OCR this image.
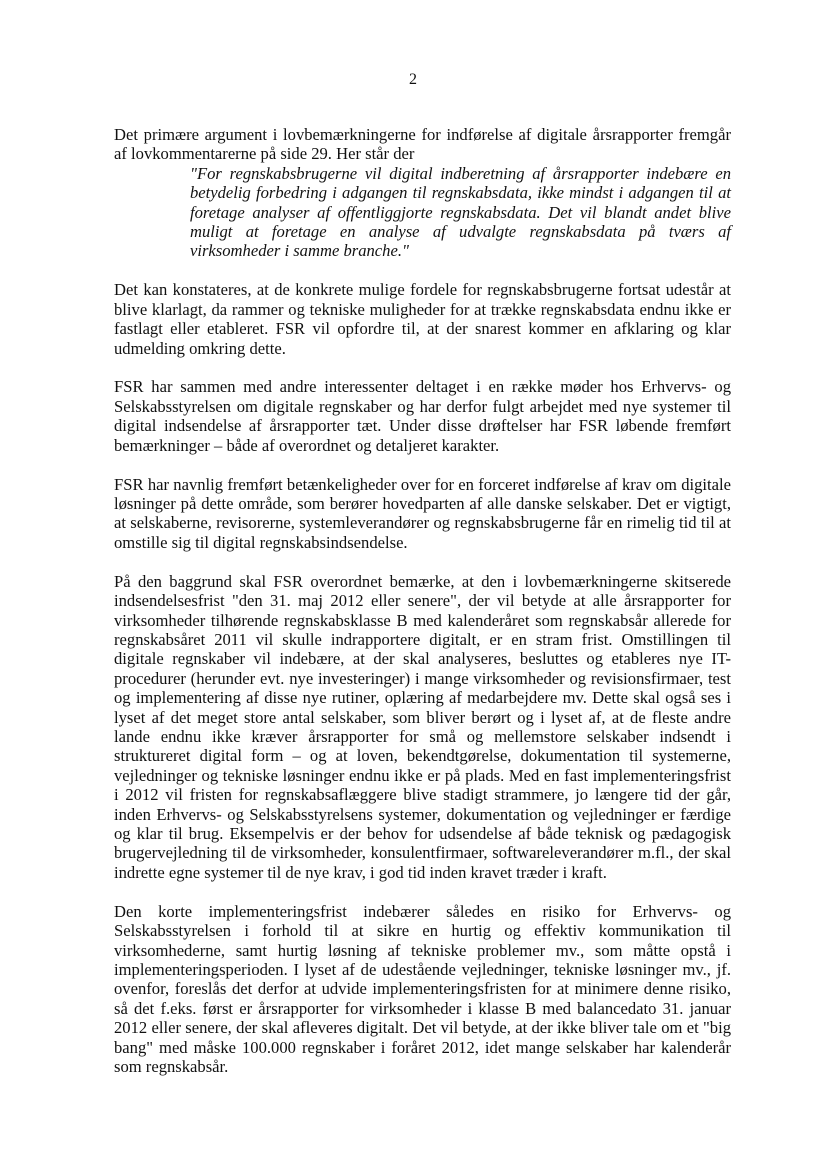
2

Det primære argument i lovbemærkningerne for indførelse af digitale årsrapporter fremgår af lovkommentarerne på side 29. Her står der

"For regnskabsbrugerne vil digital indberetning af årsrapporter indebære en betydelig forbedring i adgangen til regnskabsdata, ikke mindst i adgangen til at foretage analyser af offentliggjorte regnskabsdata. Det vil blandt andet blive muligt at foretage en analyse af udvalgte regnskabsdata på tværs af virksomheder i samme branche."

Det kan konstateres, at de konkrete mulige fordele for regnskabsbrugerne fortsat udestår at blive klarlagt, da rammer og tekniske muligheder for at trække regnskabsdata endnu ikke er fastlagt eller etableret. FSR vil opfordre til, at der snarest kommer en afklaring og klar udmelding omkring dette.

FSR har sammen med andre interessenter deltaget i en række møder hos Erhvervs- og Selskabsstyrelsen om digitale regnskaber og har derfor fulgt arbejdet med nye systemer til digital indsendelse af årsrapporter tæt. Under disse drøftelser har FSR løbende fremført bemærkninger – både af overordnet og detaljeret karakter.

FSR har navnlig fremført betænkeligheder over for en forceret indførelse af krav om digitale løsninger på dette område, som berører hovedparten af alle danske selskaber. Det er vigtigt, at selskaberne, revisorerne, systemleverandører og regnskabsbrugerne får en rimelig tid til at omstille sig til digital regnskabsindsendelse.

På den baggrund skal FSR overordnet bemærke, at den i lovbemærkningerne skitserede indsendelsesfrist "den 31. maj 2012 eller senere", der vil betyde at alle årsrapporter for virksomheder tilhørende regnskabsklasse B med kalenderåret som regnskabsår allerede for regnskabsåret 2011 vil skulle indrapportere digitalt, er en stram frist. Omstillingen til digitale regnskaber vil indebære, at der skal analyseres, besluttes og etableres nye IT-procedurer (herunder evt. nye investeringer) i mange virksomheder og revisionsfirmaer, test og implementering af disse nye rutiner, oplæring af medarbejdere mv. Dette skal også ses i lyset af det meget store antal selskaber, som bliver berørt og i lyset af, at de fleste andre lande endnu ikke kræver årsrapporter for små og mellemstore selskaber indsendt i struktureret digital form – og at loven, bekendtgørelse, dokumentation til systemerne, vejledninger og tekniske løsninger endnu ikke er på plads. Med en fast implementeringsfrist i 2012 vil fristen for regnskabsaflæggere blive stadigt strammere, jo længere tid der går, inden Erhvervs- og Selskabsstyrelsens systemer, dokumentation og vejledninger er færdige og klar til brug. Eksempelvis er der behov for udsendelse af både teknisk og pædagogisk brugervejledning til de virksomheder, konsulentfirmaer, softwareleverandører m.fl., der skal indrette egne systemer til de nye krav, i god tid inden kravet træder i kraft.

Den korte implementeringsfrist indebærer således en risiko for Erhvervs- og Selskabsstyrelsen i forhold til at sikre en hurtig og effektiv kommunikation til virksomhederne, samt hurtig løsning af tekniske problemer mv., som måtte opstå i implementeringsperioden. I lyset af de udestående vejledninger, tekniske løsninger mv., jf. ovenfor, foreslås det derfor at udvide implementeringsfristen for at minimere denne risiko, så det f.eks. først er årsrapporter for virksomheder i klasse B med balancedato 31. januar 2012 eller senere, der skal afleveres digitalt. Det vil betyde, at der ikke bliver tale om et "big bang" med måske 100.000 regnskaber i foråret 2012, idet mange selskaber har kalenderår som regnskabsår.
